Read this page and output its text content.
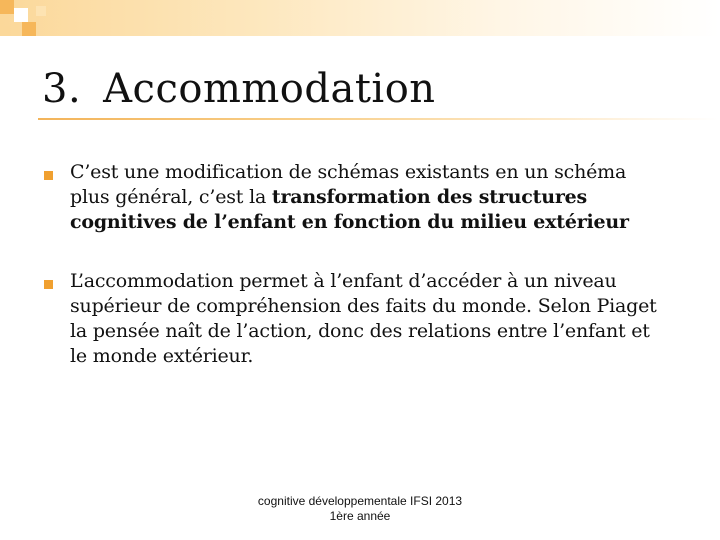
3. Accommodation
C’est une modification de schémas existants en un schéma plus général, c’est la transformation des structures cognitives de l’enfant en fonction du milieu extérieur
L’accommodation permet à l’enfant d’accéder à un niveau supérieur de compréhension des faits du monde. Selon Piaget la pensée naît de l’action, donc des relations entre l’enfant et le monde extérieur.
cognitive développementale IFSI 2013
1ère année
